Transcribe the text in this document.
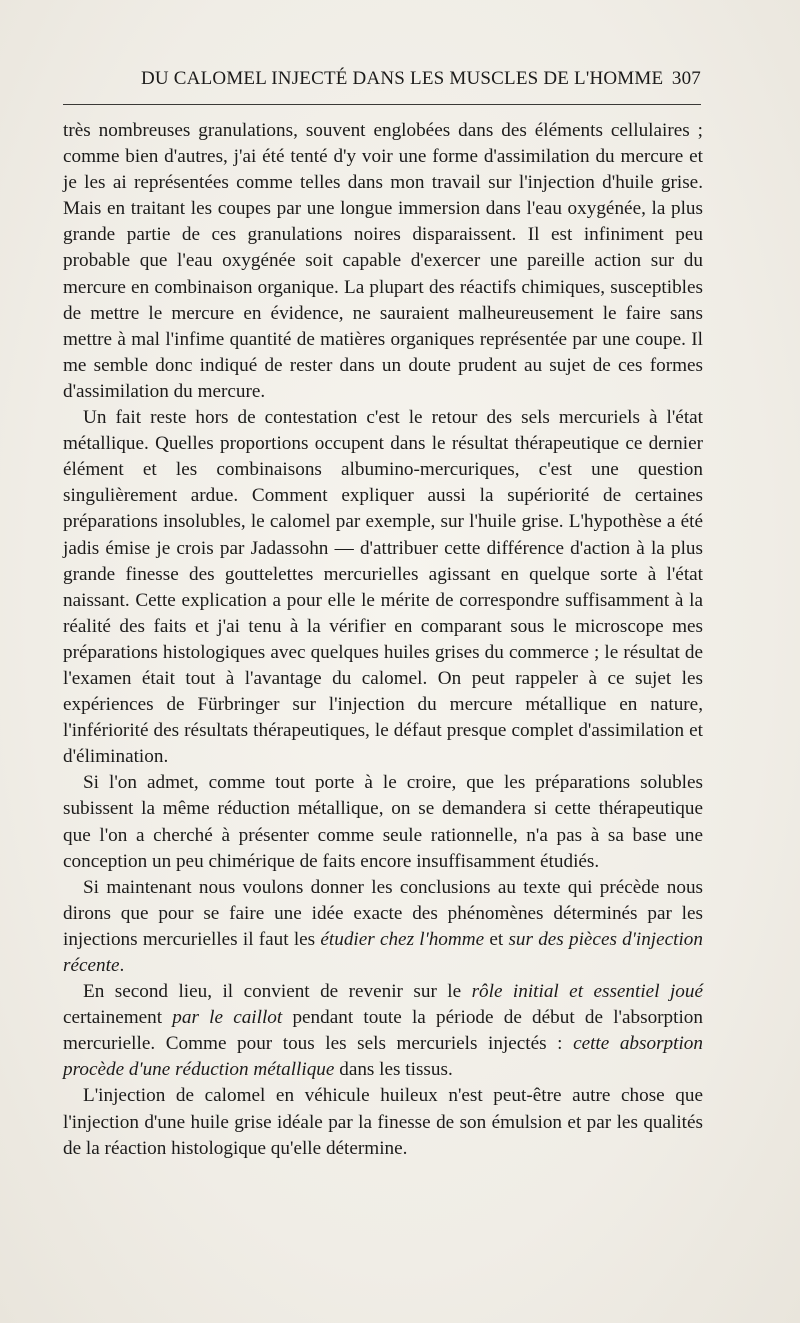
DU CALOMEL INJECTÉ DANS LES MUSCLES DE L'HOMME 307

très nombreuses granulations, souvent englobées dans des éléments cellulaires ; comme bien d'autres, j'ai été tenté d'y voir une forme d'assimilation du mercure et je les ai représentées comme telles dans mon travail sur l'injection d'huile grise. Mais en traitant les coupes par une longue immersion dans l'eau oxygénée, la plus grande partie de ces granulations noires disparaissent. Il est infiniment peu probable que l'eau oxygénée soit capable d'exercer une pareille action sur du mercure en combinaison organique. La plupart des réactifs chimiques, susceptibles de mettre le mercure en évidence, ne sauraient malheureusement le faire sans mettre à mal l'infime quantité de matières organiques représentée par une coupe. Il me semble donc indiqué de rester dans un doute prudent au sujet de ces formes d'assimilation du mercure.

Un fait reste hors de contestation c'est le retour des sels mercuriels à l'état métallique. Quelles proportions occupent dans le résultat thérapeutique ce dernier élément et les combinaisons albumino-mercuriques, c'est une question singulièrement ardue. Comment expliquer aussi la supériorité de certaines préparations insolubles, le calomel par exemple, sur l'huile grise. L'hypothèse a été jadis émise je crois par Jadassohn — d'attribuer cette différence d'action à la plus grande finesse des gouttelettes mercurielles agissant en quelque sorte à l'état naissant. Cette explication a pour elle le mérite de correspondre suffisamment à la réalité des faits et j'ai tenu à la vérifier en comparant sous le microscope mes préparations histologiques avec quelques huiles grises du commerce ; le résultat de l'examen était tout à l'avantage du calomel. On peut rappeler à ce sujet les expériences de Fürbringer sur l'injection du mercure métallique en nature, l'infériorité des résultats thérapeutiques, le défaut presque complet d'assimilation et d'élimination.

Si l'on admet, comme tout porte à le croire, que les préparations solubles subissent la même réduction métallique, on se demandera si cette thérapeutique que l'on a cherché à présenter comme seule rationnelle, n'a pas à sa base une conception un peu chimérique de faits encore insuffisamment étudiés.

Si maintenant nous voulons donner les conclusions au texte qui précède nous dirons que pour se faire une idée exacte des phénomènes déterminés par les injections mercurielles il faut les étudier chez l'homme et sur des pièces d'injection récente.

En second lieu, il convient de revenir sur le rôle initial et essentiel joué certainement par le caillot pendant toute la période de début de l'absorption mercurielle. Comme pour tous les sels mercuriels injectés : cette absorption procède d'une réduction métallique dans les tissus.

L'injection de calomel en véhicule huileux n'est peut-être autre chose que l'injection d'une huile grise idéale par la finesse de son émulsion et par les qualités de la réaction histologique qu'elle détermine.
